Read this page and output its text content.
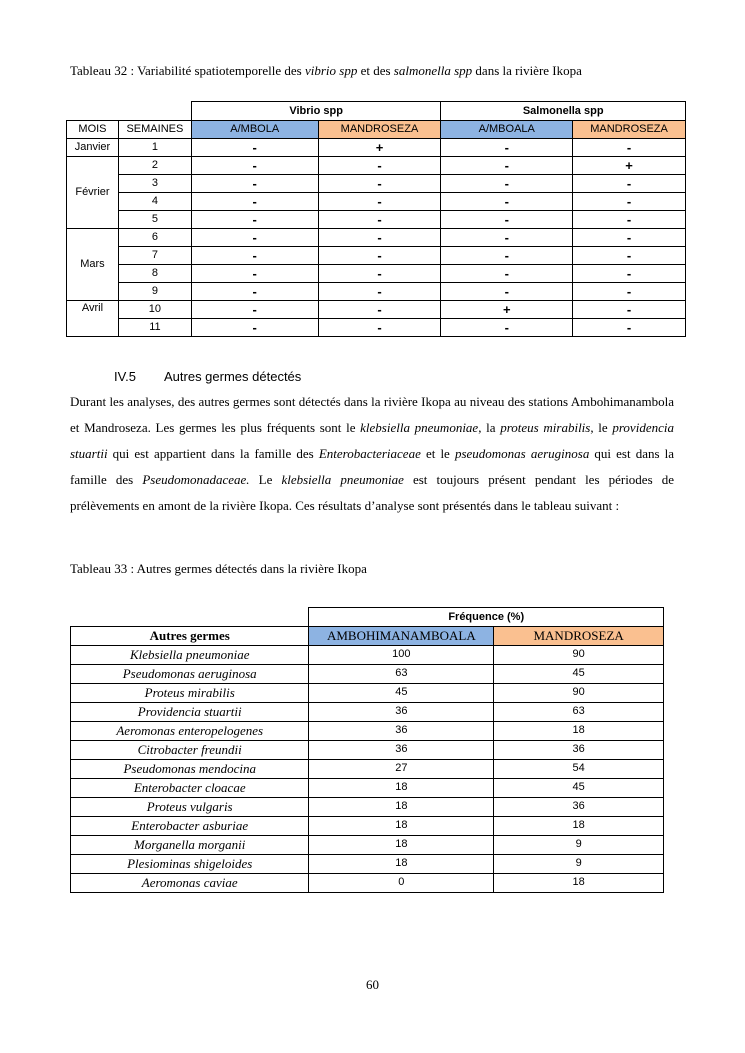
Tableau 32 : Variabilité spatiotemporelle des vibrio spp et des salmonella spp dans la rivière Ikopa
		Vibrio spp		Salmonella spp	
MOIS	SEMAINES	A/MBOLA	MANDROSEZA	A/MBOALA	MANDROSEZA
Janvier	1	-	+	-	-
Février	2	-	-	-	+
	3	-	-	-	-
	4	-	-	-	-
	5	-	-	-	-
Mars	6	-	-	-	-
	7	-	-	-	-
	8	-	-	-	-
	9	-	-	-	-
Avril	10	-	-	+	-
	11	-	-	-	-
IV.5 Autres germes détectés
Durant les analyses, des autres germes sont détectés dans la rivière Ikopa au niveau des stations Ambohimanambola et Mandroseza. Les germes les plus fréquents sont le klebsiella pneumoniae, la proteus mirabilis, le providencia stuartii qui est appartient dans la famille des Enterobacteriaceae et le pseudomonas aeruginosa qui est dans la famille des Pseudomonadaceae. Le klebsiella pneumoniae est toujours présent pendant les périodes de prélèvements en amont de la rivière Ikopa. Ces résultats d’analyse sont présentés dans le tableau suivant :
Tableau 33 : Autres germes détectés dans la rivière Ikopa
	Fréquence (%)	
Autres germes	AMBOHIMANAMBOALA	MANDROSEZA
Klebsiella pneumoniae	100	90
Pseudomonas aeruginosa	63	45
Proteus mirabilis	45	90
Providencia stuartii	36	63
Aeromonas enteropelogenes	36	18
Citrobacter freundii	36	36
Pseudomonas mendocina	27	54
Enterobacter cloacae	18	45
Proteus vulgaris	18	36
Enterobacter asburiae	18	18
Morganella morganii	18	9
Plesiominas shigeloides	18	9
Aeromonas caviae	0	18
60
